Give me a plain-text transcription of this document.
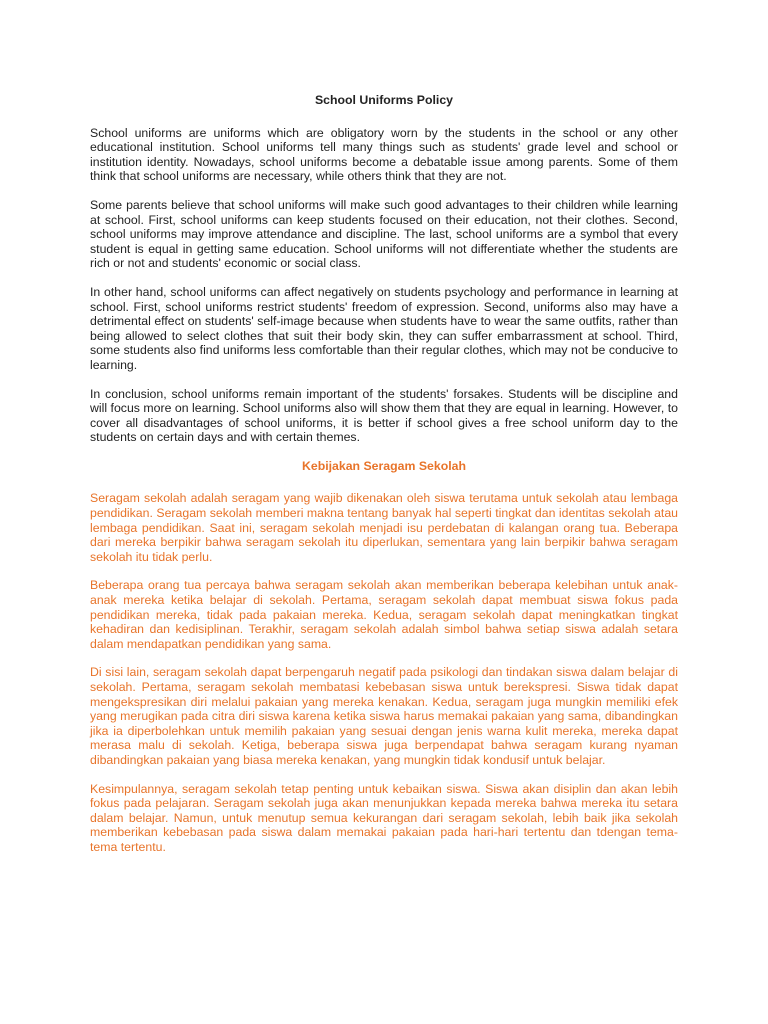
School Uniforms Policy

School uniforms are uniforms which are obligatory worn by the students in the school or any other educational institution. School uniforms tell many things such as students' grade level and school or institution identity. Nowadays, school uniforms become a debatable issue among parents. Some of them think that school uniforms are necessary, while others think that they are not.

Some parents believe that school uniforms will make such good advantages to their children while learning at school. First, school uniforms can keep students focused on their education, not their clothes. Second, school uniforms may improve attendance and discipline. The last, school uniforms are a symbol that every student is equal in getting same education. School uniforms will not differentiate whether the students are rich or not and students' economic or social class.

In other hand, school uniforms can affect negatively on students psychology and performance in learning at school. First, school uniforms restrict students' freedom of expression. Second, uniforms also may have a detrimental effect on students' self-image because when students have to wear the same outfits, rather than being allowed to select clothes that suit their body skin, they can suffer embarrassment at school. Third, some students also find uniforms less comfortable than their regular clothes, which may not be conducive to learning.

In conclusion, school uniforms remain important of the students' forsakes. Students will be discipline and will focus more on learning. School uniforms also will show them that they are equal in learning. However, to cover all disadvantages of school uniforms, it is better if school gives a free school uniform day to the students on certain days and with certain themes.

Kebijakan Seragam Sekolah

Seragam sekolah adalah seragam yang wajib dikenakan oleh siswa terutama untuk sekolah atau lembaga pendidikan. Seragam sekolah memberi makna tentang banyak hal seperti tingkat dan identitas sekolah atau lembaga pendidikan. Saat ini, seragam sekolah menjadi isu perdebatan di kalangan orang tua. Beberapa dari mereka berpikir bahwa seragam sekolah itu diperlukan, sementara yang lain berpikir bahwa seragam sekolah itu tidak perlu.

Beberapa orang tua percaya bahwa seragam sekolah akan memberikan beberapa kelebihan untuk anak-anak mereka ketika belajar di sekolah. Pertama, seragam sekolah dapat membuat siswa fokus pada pendidikan mereka, tidak pada pakaian mereka. Kedua, seragam sekolah dapat meningkatkan tingkat kehadiran dan kedisiplinan. Terakhir, seragam sekolah adalah simbol bahwa setiap siswa adalah setara dalam mendapatkan pendidikan yang sama.

Di sisi lain, seragam sekolah dapat berpengaruh negatif pada psikologi dan tindakan siswa dalam belajar di sekolah. Pertama, seragam sekolah membatasi kebebasan siswa untuk berekspresi. Siswa tidak dapat mengekspresikan diri melalui pakaian yang mereka kenakan. Kedua, seragam juga mungkin memiliki efek yang merugikan pada citra diri siswa karena ketika siswa harus memakai pakaian yang sama, dibandingkan jika ia diperbolehkan untuk memilih pakaian yang sesuai dengan jenis warna kulit mereka, mereka dapat merasa malu di sekolah. Ketiga, beberapa siswa juga berpendapat bahwa seragam kurang nyaman dibandingkan pakaian yang biasa mereka kenakan, yang mungkin tidak kondusif untuk belajar.

Kesimpulannya, seragam sekolah tetap penting untuk kebaikan siswa. Siswa akan disiplin dan akan lebih fokus pada pelajaran. Seragam sekolah juga akan menunjukkan kepada mereka bahwa mereka itu setara dalam belajar. Namun, untuk menutup semua kekurangan dari seragam sekolah, lebih baik jika sekolah memberikan kebebasan pada siswa dalam memakai pakaian pada hari-hari tertentu dan tdengan tema-tema tertentu.
